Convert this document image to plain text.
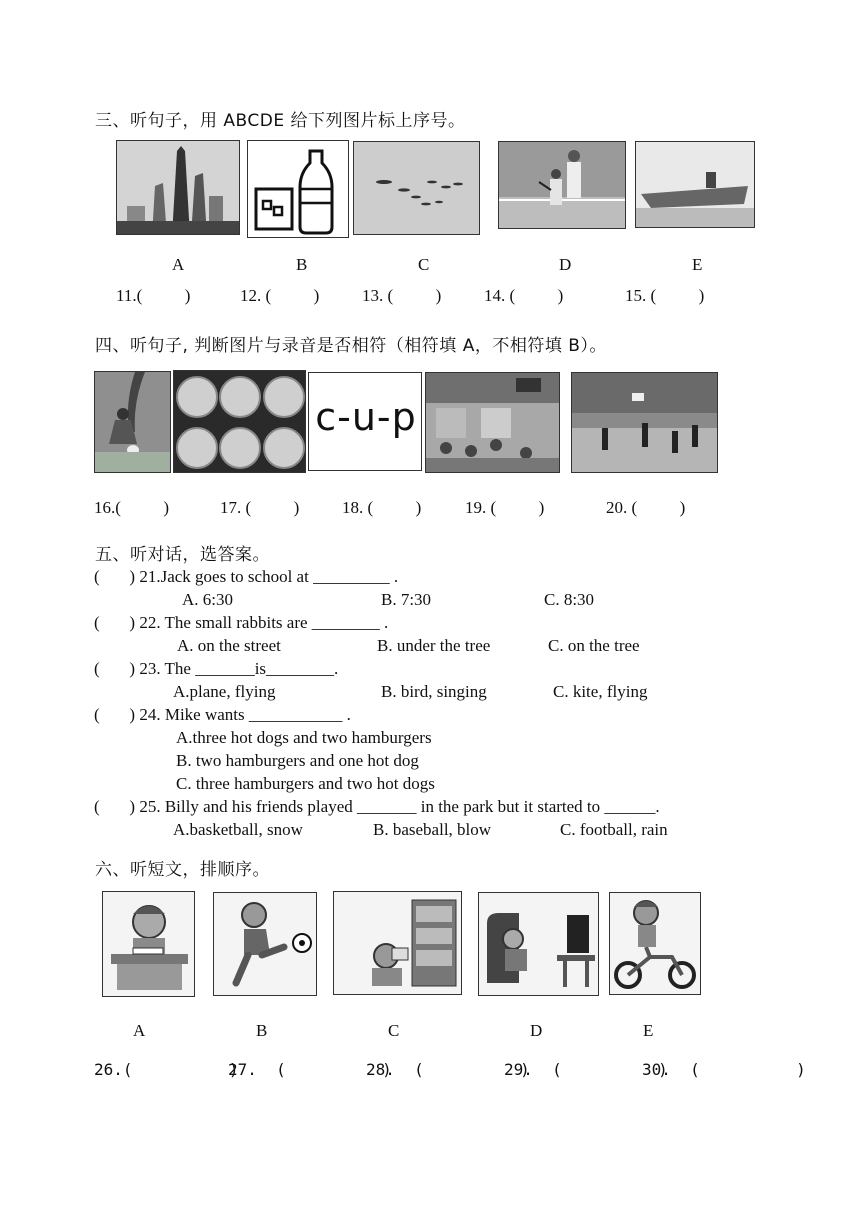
三、听句子，用 ABCDE 给下列图片标上序号。
A	B	C	D	E
11.(          )	12. (          )	13. (          )	14. (          )	15. (          )
四、听句子, 判断图片与录音是否相符（相符填 A，不相符填 B）。
c-u-p
16.(          )	17. (          )	18. (          )	19. (          )	20. (          )
五、听对话，选答案。
(       ) 21.Jack goes to school at _________ .
A. 6:30	B. 7:30	C. 8:30
(       ) 22. The small rabbits are ________ .
A. on the street	B. under the tree	C. on the tree
(       ) 23. The _______is________.
A.plane, flying	B. bird, singing	C. kite, flying
(       ) 24. Mike wants ___________ .
A.three hot dogs and two hamburgers
B. two hamburgers and one hot dog
C. three hamburgers and two hot dogs
(       ) 25. Billy and his friends played _______ in the park but it started to ______.
A.basketball, snow	B. baseball, blow	C. football, rain
六、听短文，排顺序。
A	B	C	D	E
26.(          )
27.  (          )
28.  (          )
29.  (          )
30.  (          )
